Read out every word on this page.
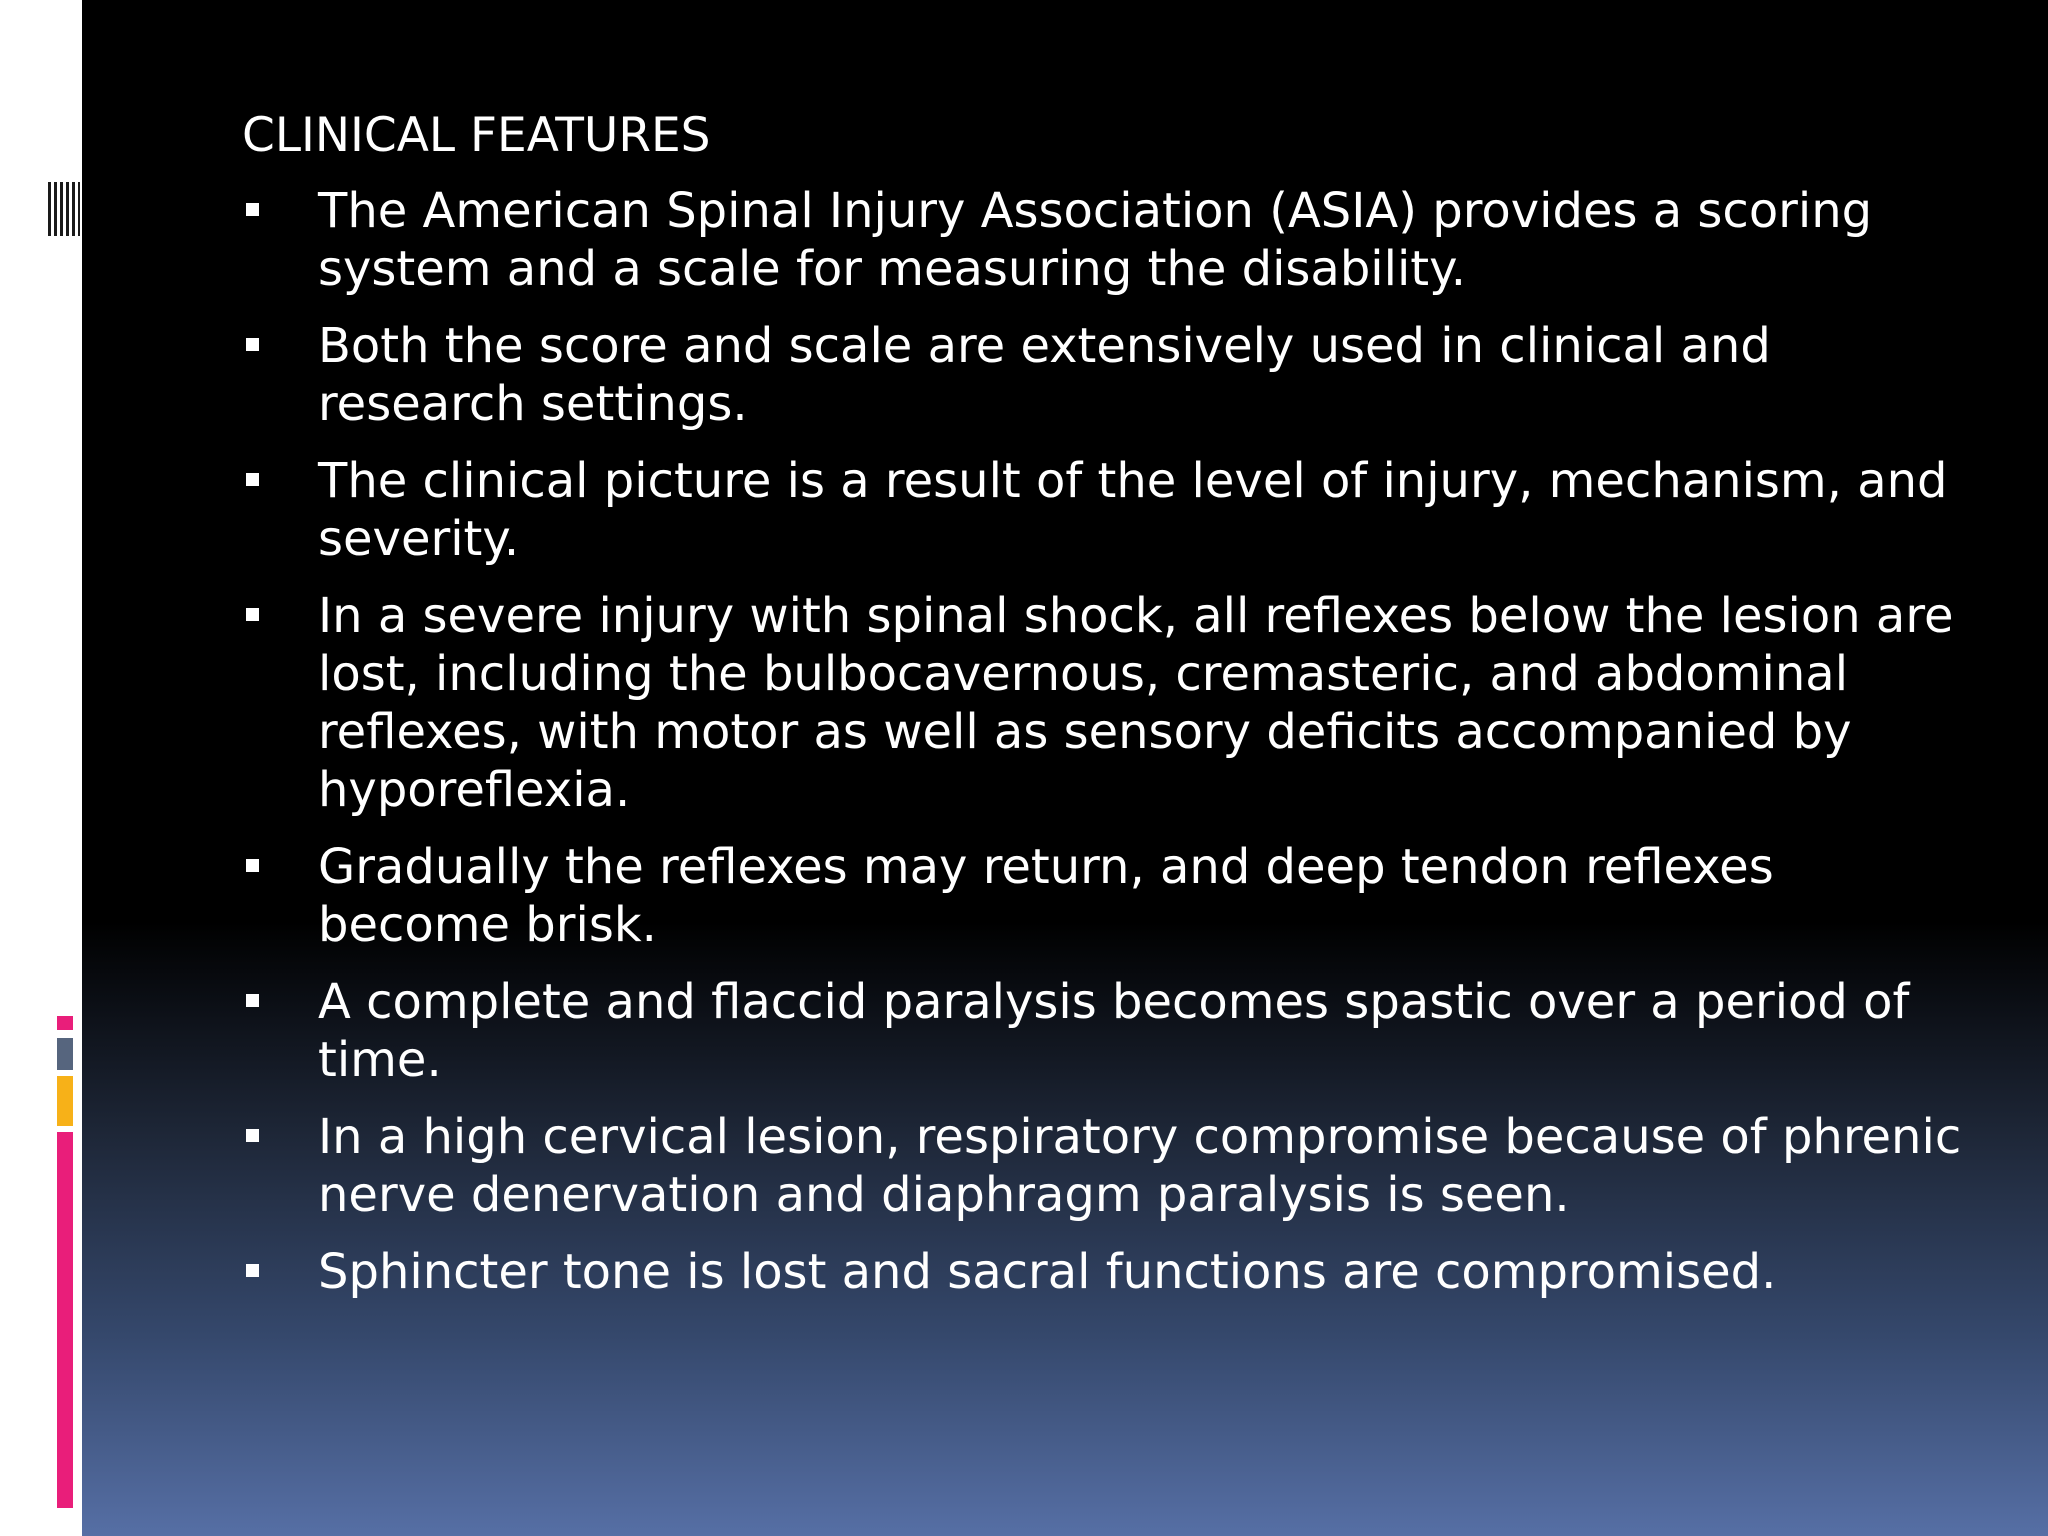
CLINICAL FEATURES
The American Spinal Injury Association (ASIA) provides a scoring system and a scale for measuring the disability.
Both the score and scale are extensively used in clinical and research settings.
The clinical picture is a result of the level of injury, mechanism, and severity.
In a severe injury with spinal shock, all reflexes below the lesion are lost, including the bulbocavernous, cremasteric, and abdominal reflexes, with motor as well as sensory deficits accompanied by hyporeflexia.
Gradually the reflexes may return, and deep tendon reflexes become brisk.
A complete and flaccid paralysis becomes spastic over a period of time.
In a high cervical lesion, respiratory compromise because of phrenic nerve denervation and diaphragm paralysis is seen.
Sphincter tone is lost and sacral functions are compromised.
